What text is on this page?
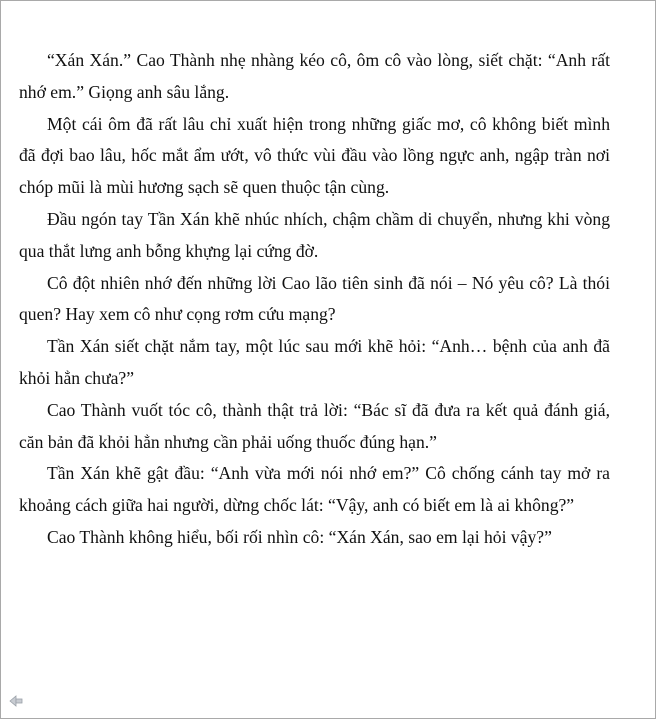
“Xán Xán.” Cao Thành nhẹ nhàng kéo cô, ôm cô vào lòng, siết chặt: “Anh rất nhớ em.” Giọng anh sâu lắng.

Một cái ôm đã rất lâu chỉ xuất hiện trong những giấc mơ, cô không biết mình đã đợi bao lâu, hốc mắt ẩm ướt, vô thức vùi đầu vào lồng ngực anh, ngập tràn nơi chóp mũi là mùi hương sạch sẽ quen thuộc tận cùng.

Đầu ngón tay Tần Xán khẽ nhúc nhích, chậm chầm di chuyển, nhưng khi vòng qua thắt lưng anh bỗng khựng lại cứng đờ.

Cô đột nhiên nhớ đến những lời Cao lão tiên sinh đã nói – Nó yêu cô? Là thói quen? Hay xem cô như cọng rơm cứu mạng?

Tần Xán siết chặt nắm tay, một lúc sau mới khẽ hỏi: “Anh… bệnh của anh đã khỏi hẳn chưa?”

Cao Thành vuốt tóc cô, thành thật trả lời: “Bác sĩ đã đưa ra kết quả đánh giá, căn bản đã khỏi hẳn nhưng cần phải uống thuốc đúng hạn.”

Tần Xán khẽ gật đầu: “Anh vừa mới nói nhớ em?” Cô chống cánh tay mở ra khoảng cách giữa hai người, dừng chốc lát: “Vậy, anh có biết em là ai không?”

Cao Thành không hiểu, bối rối nhìn cô: “Xán Xán, sao em lại hỏi vậy?”
